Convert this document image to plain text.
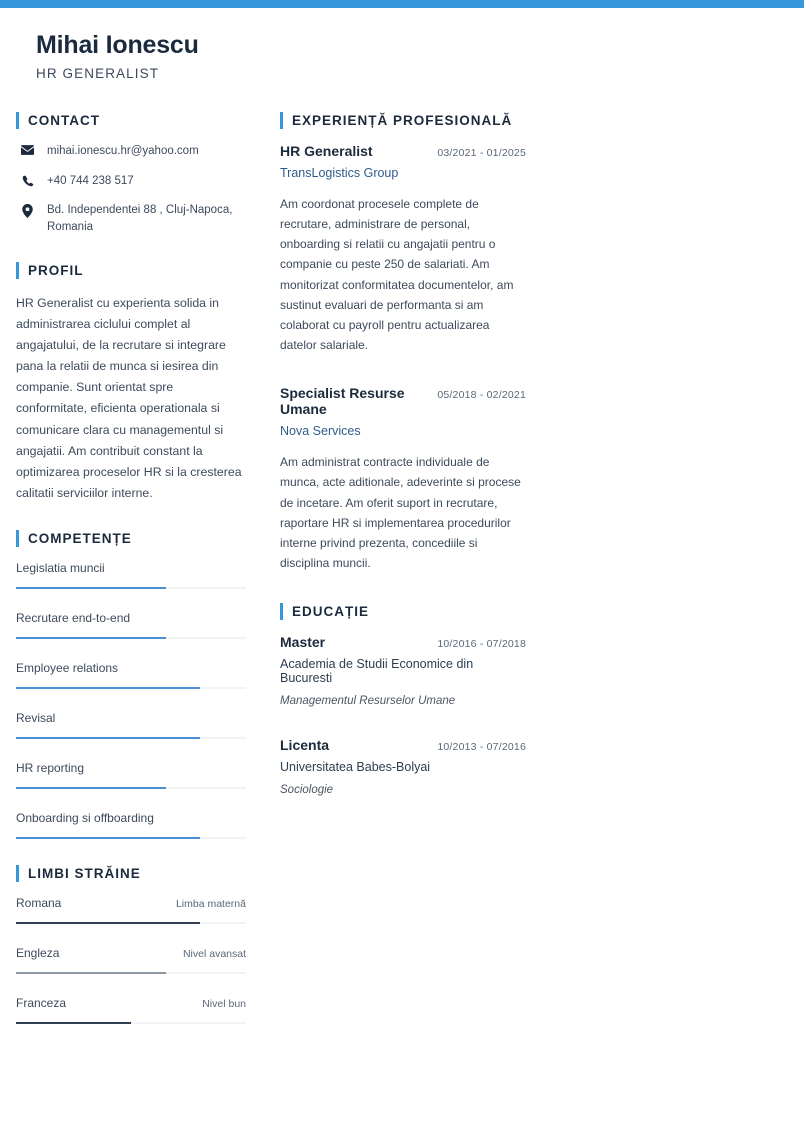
Mihai Ionescu
HR GENERALIST
CONTACT
mihai.ionescu.hr@yahoo.com
+40 744 238 517
Bd. Independentei 88 , Cluj-Napoca, Romania
PROFIL
HR Generalist cu experienta solida in administrarea ciclului complet al angajatului, de la recrutare si integrare pana la relatii de munca si iesirea din companie. Sunt orientat spre conformitate, eficienta operationala si comunicare clara cu managementul si angajatii. Am contribuit constant la optimizarea proceselor HR si la cresterea calitatii serviciilor interne.
COMPETENȚE
Legislatia muncii
Recrutare end-to-end
Employee relations
Revisal
HR reporting
Onboarding si offboarding
LIMBI STRĂINE
Romana	Limba maternă
Engleza	Nivel avansat
Franceza	Nivel bun
EXPERIENȚĂ PROFESIONALĂ
HR Generalist	03/2021 - 01/2025
TransLogistics Group
Am coordonat procesele complete de recrutare, administrare de personal, onboarding si relatii cu angajatii pentru o companie cu peste 250 de salariati. Am monitorizat conformitatea documentelor, am sustinut evaluari de performanta si am colaborat cu payroll pentru actualizarea datelor salariale.
Specialist Resurse Umane
05/2018 - 02/2021
Nova Services
Am administrat contracte individuale de munca, acte aditionale, adeverinte si procese de incetare. Am oferit suport in recrutare, raportare HR si implementarea procedurilor interne privind prezenta, concediile si disciplina muncii.
EDUCAȚIE
Master	10/2016 - 07/2018
Academia de Studii Economice din Bucuresti
Managementul Resurselor Umane
Licenta	10/2013 - 07/2016
Universitatea Babes-Bolyai
Sociologie
